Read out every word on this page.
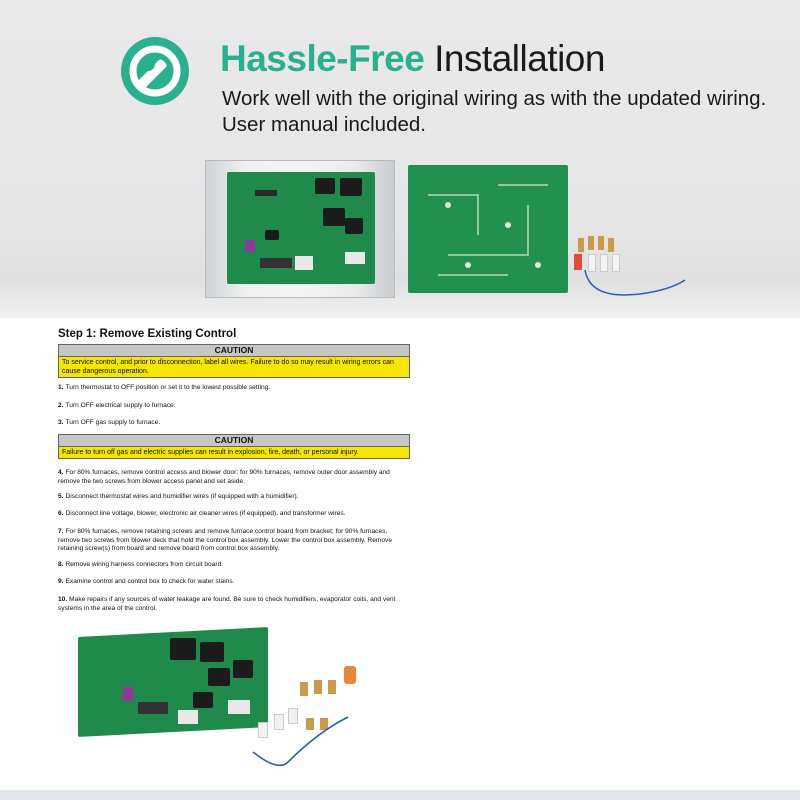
Hassle-Free Installation
Work well with the original wiring as with the updated wiring. User manual included.
Step 1: Remove Existing Control
CAUTION
To service control, and prior to disconnection, label all wires. Failure to do so may result in wiring errors can cause dangerous operation.
1. Turn thermostat to OFF position or set it to the lowest possible setting.
2. Turn OFF electrical supply to furnace.
3. Turn OFF gas supply to furnace.
CAUTION
Failure to turn off gas and electric supplies can result in explosion, fire, death, or personal injury.
4. For 80% furnaces, remove control access and blower door; for 90% furnaces, remove outer door assembly and remove the two screws from blower access panel and set aside.
5. Disconnect thermostat wires and humidifier wires (if equipped with a humidifier).
6. Disconnect line voltage, blower, electronic air cleaner wires (if equipped), and transformer wires.
7. For 80% furnaces, remove retaining screws and remove furnace control board from bracket; for 90% furnaces, remove two screws from blower deck that hold the control box assembly. Lower the control box assembly. Remove retaining screw(s) from board and remove board from control box assembly.
8. Remove wiring harness connectors from circuit board.
9. Examine control and control box to check for water stains.
10. Make repairs if any sources of water leakage are found. Be sure to check humidifiers, evaporator coils, and vent systems in the area of the control.
